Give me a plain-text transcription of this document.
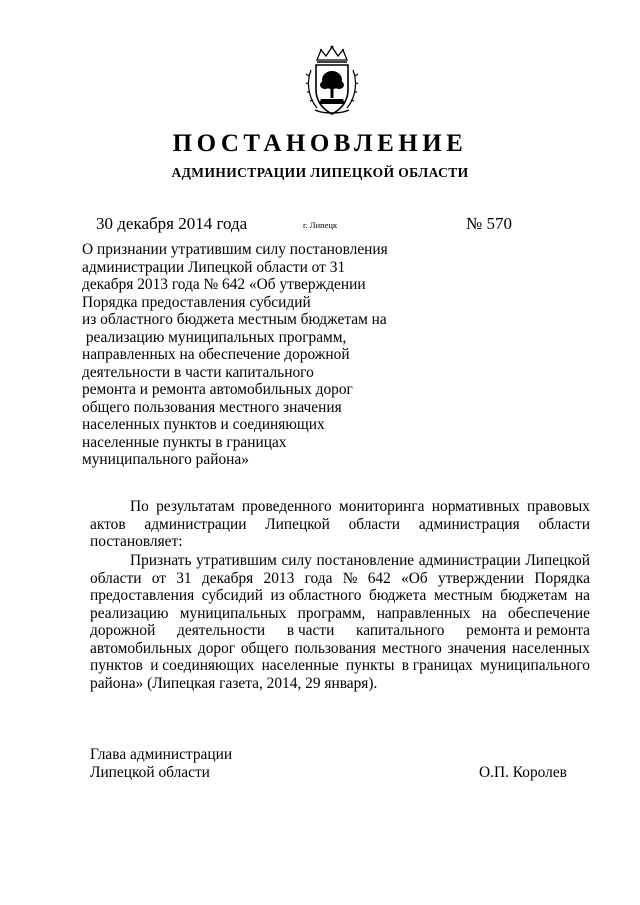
ПОСТАНОВЛЕНИЕ
АДМИНИСТРАЦИИ ЛИПЕЦКОЙ ОБЛАСТИ
30 декабря 2014 года	г. Липецк	№ 570
О признании утратившим силу постановления
администрации Липецкой области от 31
декабря 2013 года № 642 «Об утверждении
Порядка предоставления субсидий
из областного бюджета местным бюджетам на
реализацию муниципальных программ,
направленных на обеспечение дорожной
деятельности в части капитального
ремонта и ремонта автомобильных дорог
общего пользования местного значения
населенных пунктов и соединяющих
населенные пункты в границах
муниципального района»
По результатам проведенного мониторинга нормативных правовых
актов администрации Липецкой области администрация области
постановляет:
Признать утратившим силу постановление администрации Липецкой
области от 31 декабря 2013 года № 642 «Об утверждении Порядка
предоставления субсидий из областного бюджета местным бюджетам на
реализацию муниципальных программ, направленных на обеспечение
дорожной деятельности в части капитального ремонта и ремонта
автомобильных дорог общего пользования местного значения населенных
пунктов и соединяющих населенные пункты в границах муниципального
района» (Липецкая газета, 2014, 29 января).
Глава администрации
Липецкой области	О.П. Королев
